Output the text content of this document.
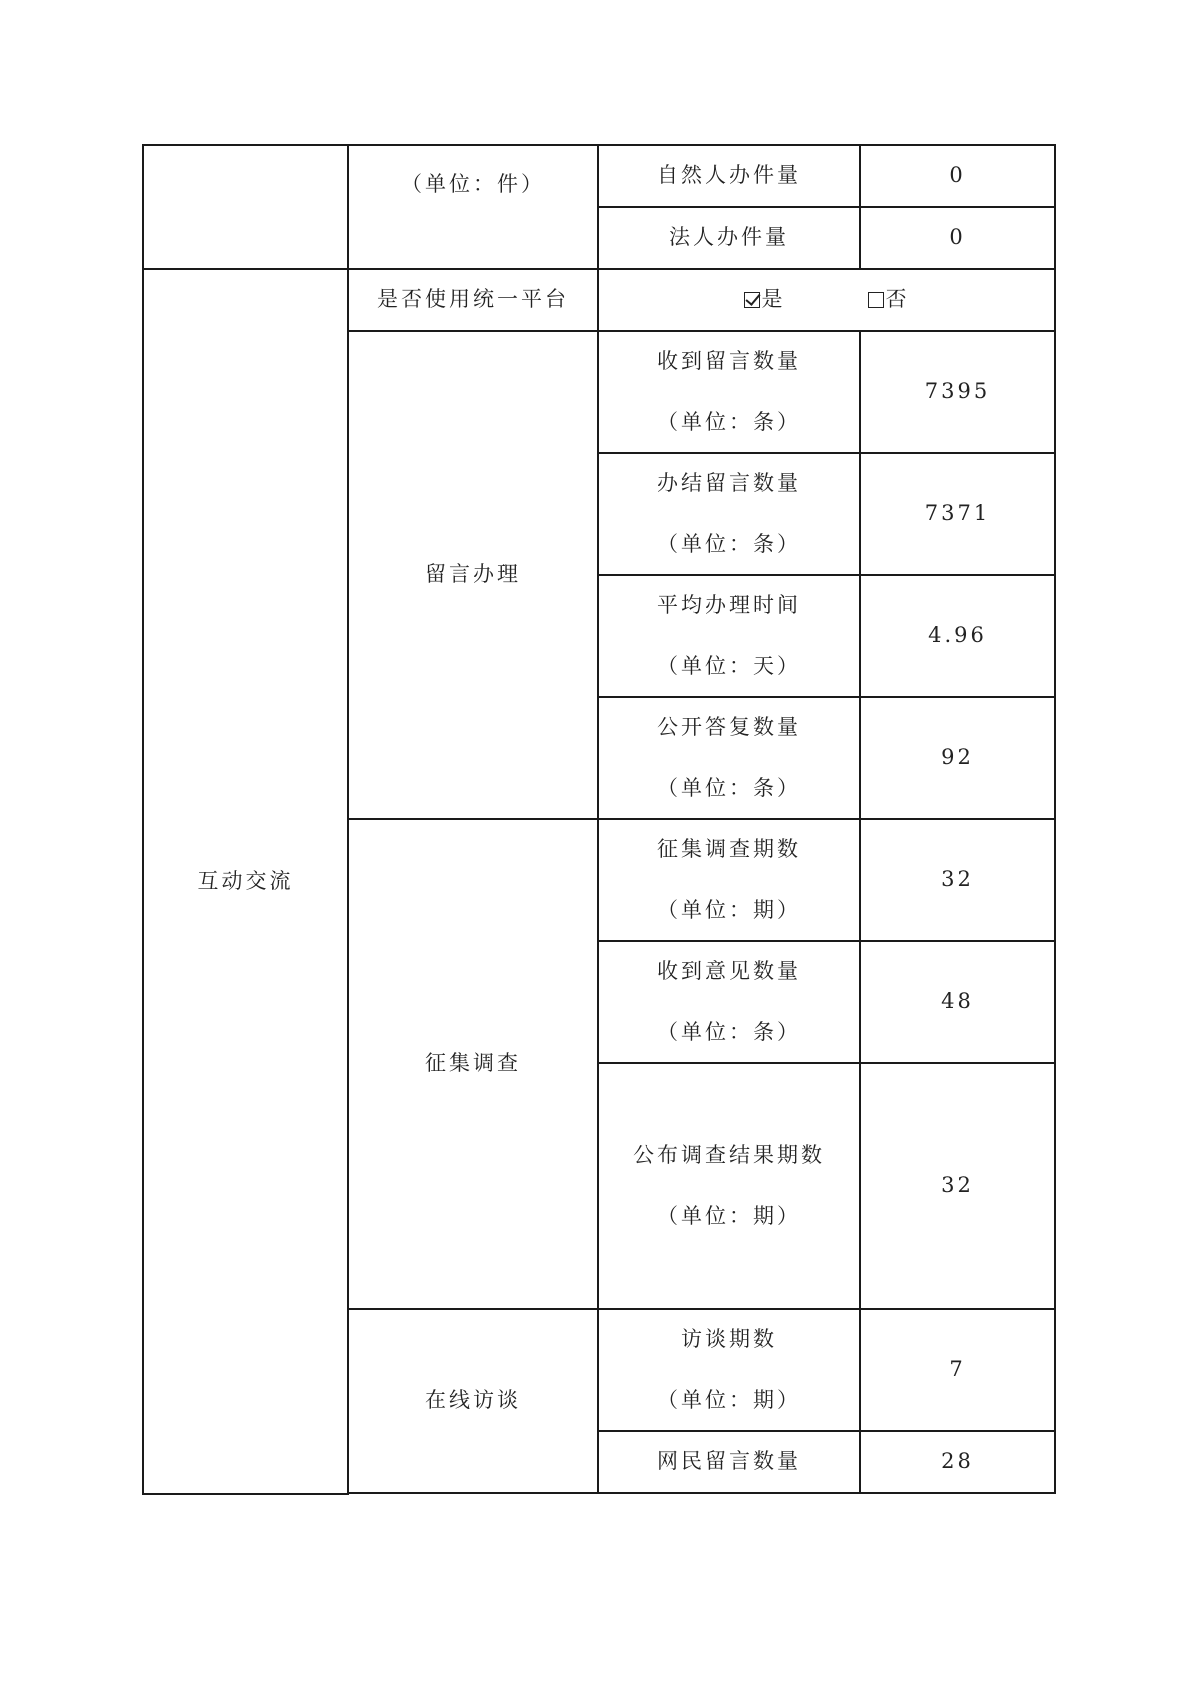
	（单位：件）	自然人办件量	0
		法人办件量	0
互动交流	是否使用统一平台	是 否	

	留言办理	收到留言数量
（单位：条）	7395

		办结留言数量
（单位：条）	7371

		平均办理时间
（单位：天）	4.96

		公开答复数量
（单位：条）	92
	征集调查	征集调查期数
（单位：期）	32

		收到意见数量
（单位：条）	48

		公布调查结果期数
（单位：期）	32
	在线访谈	访谈期数
（单位：期）	7
		网民留言数量	28
